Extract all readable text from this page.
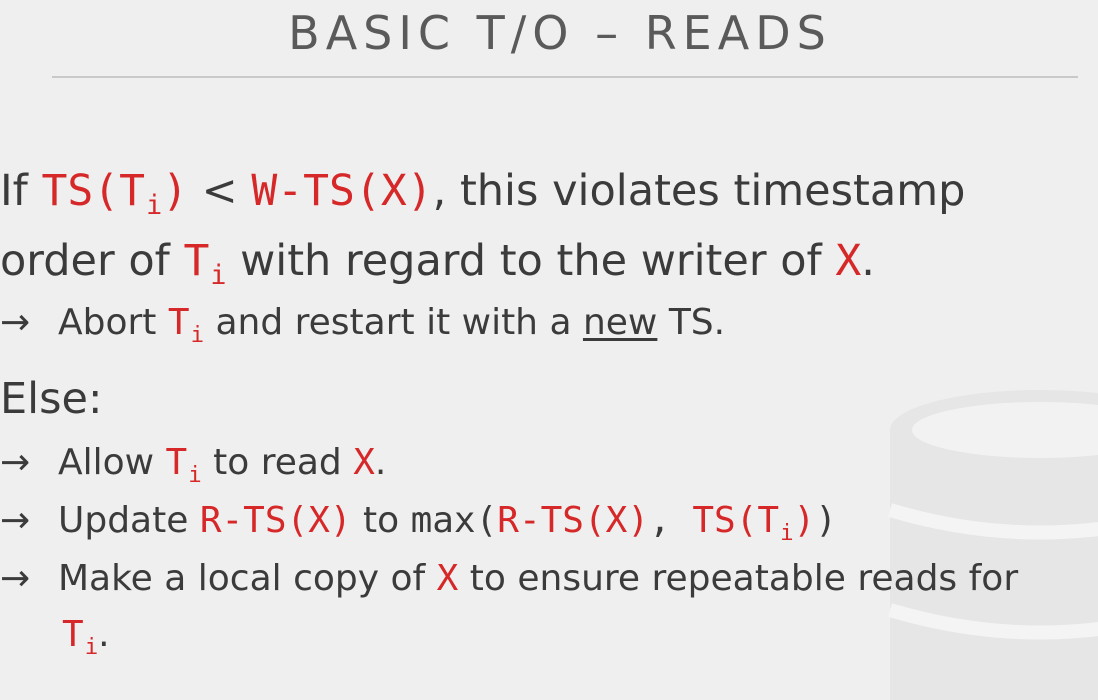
BASIC T/O – READS
If $TS(T_i) < W-TS(X)$, this violates timestamp
order of $T_i$ with regard to the writer of X.
→ Abort $T_i$ and restart it with a new TS.
Else:
→ Allow $T_i$ to read X.
→ Update R-TS(X) to max(R-TS(X), $TS(T_i)$)
→ Make a local copy of X to ensure repeatable reads for
$T_i$.
